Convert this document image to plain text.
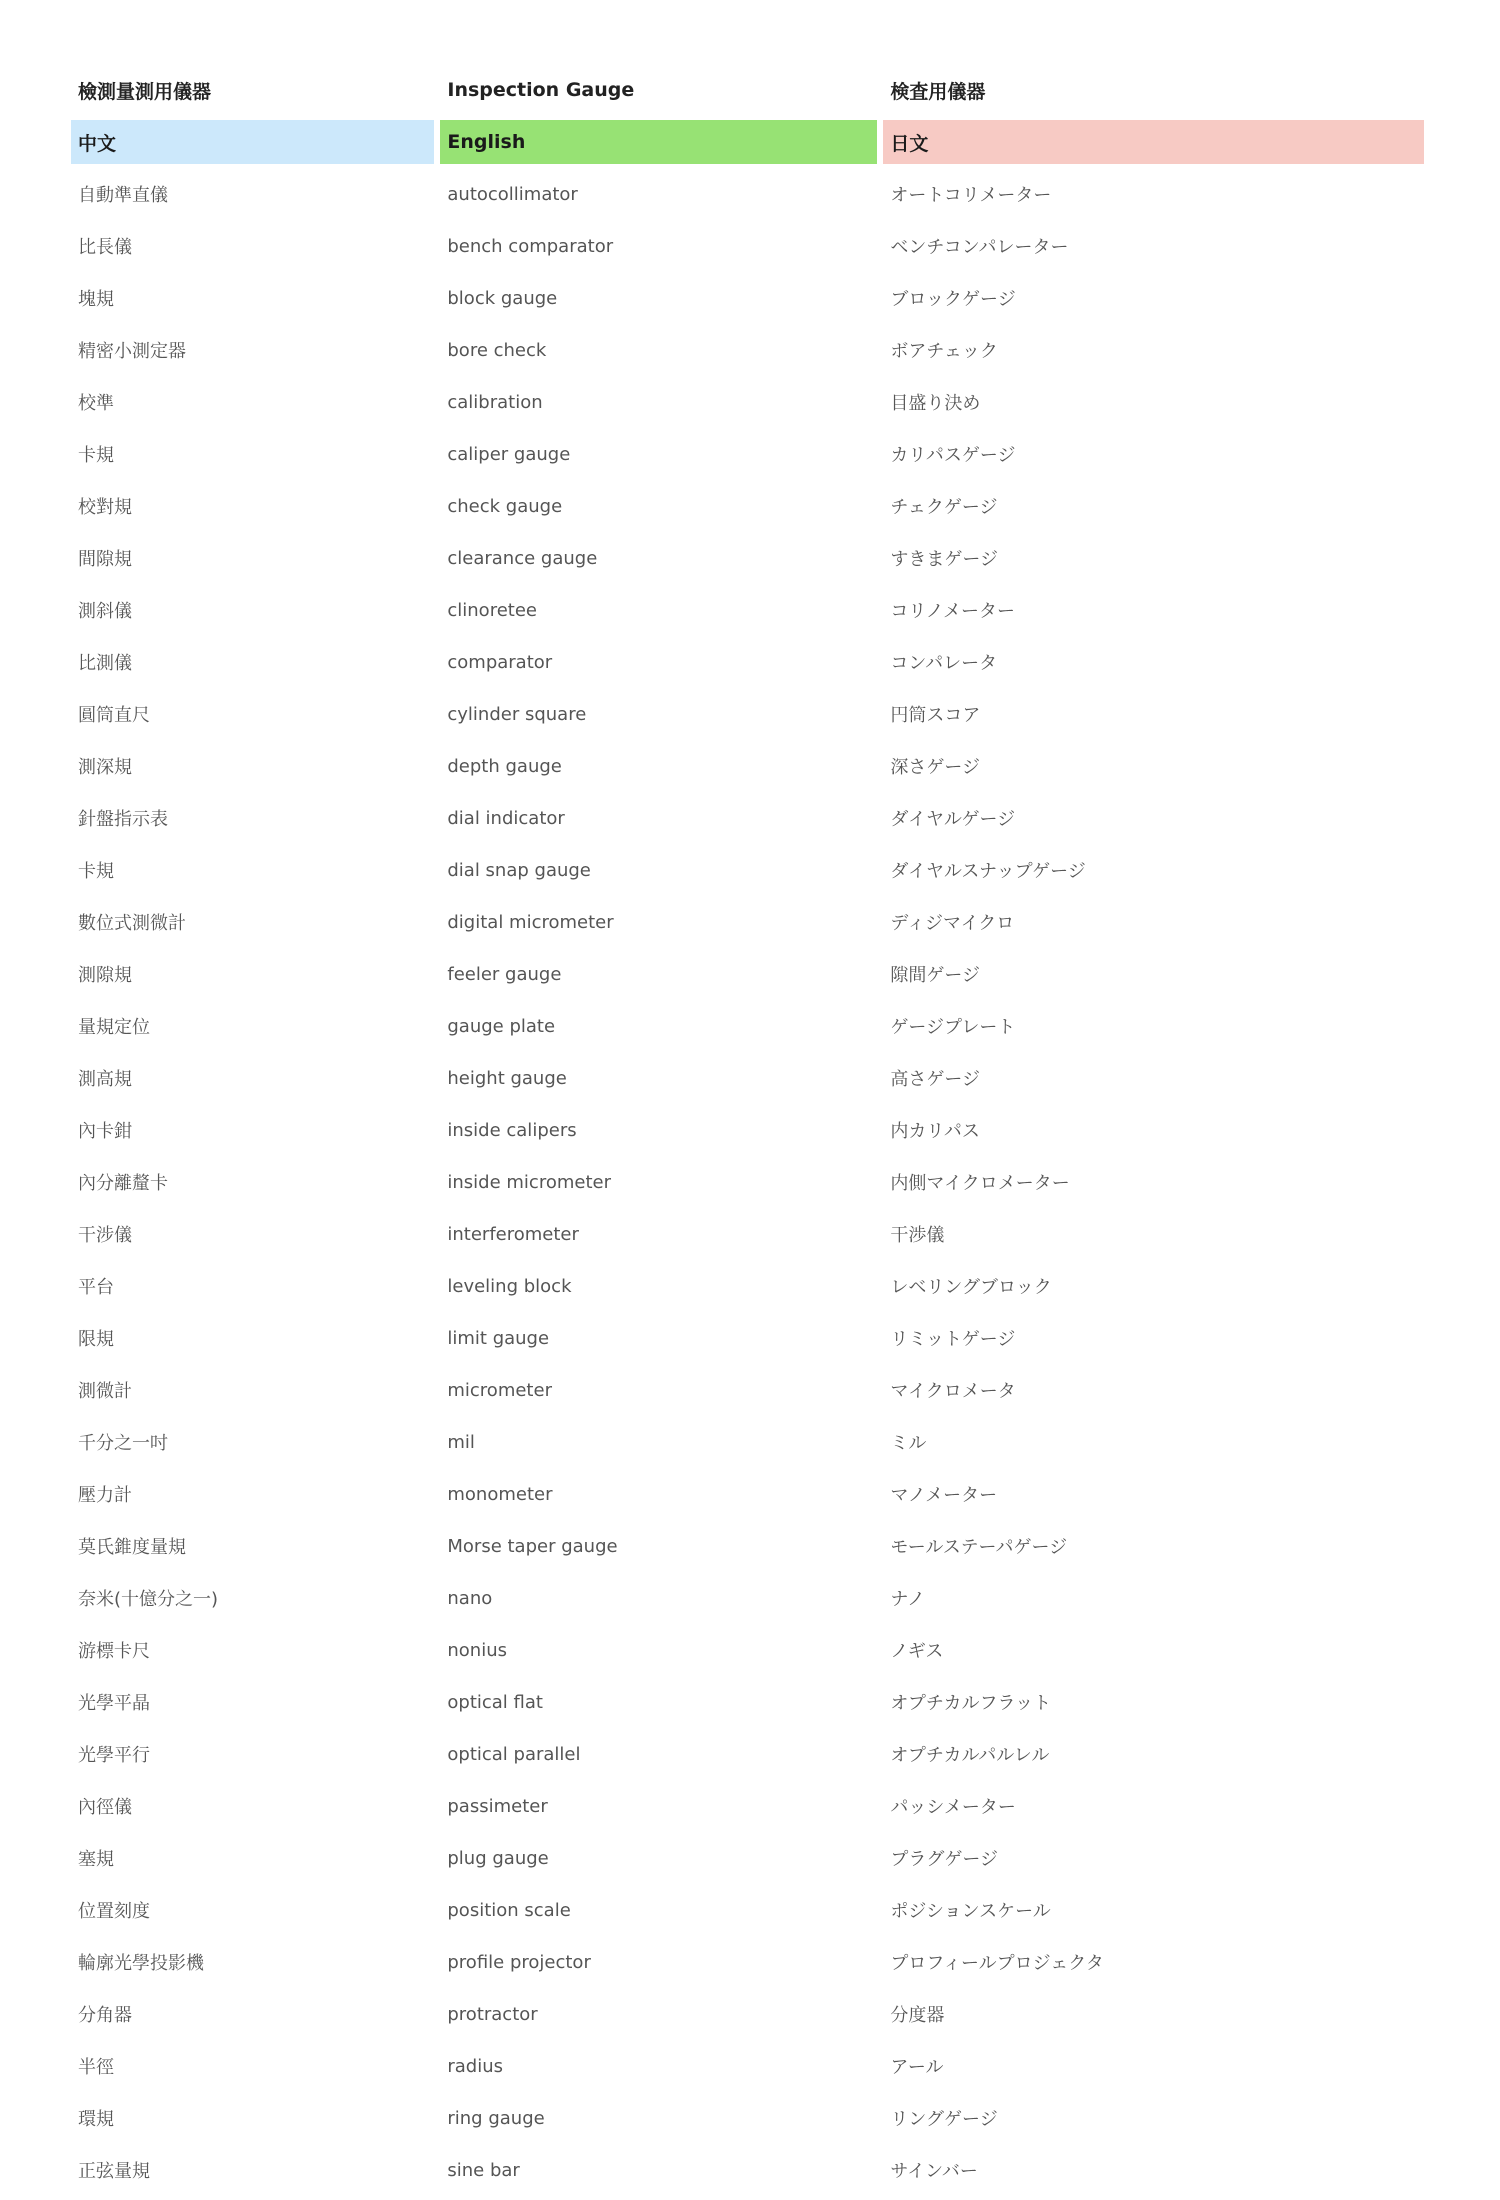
檢測量測用儀器	Inspection Gauge	検査用儀器
中文	English	日文
自動準直儀	autocollimator	オートコリメーター
比長儀	bench comparator	ベンチコンパレーター
塊規	block gauge	ブロックゲージ
精密小測定器	bore check	ボアチェック
校準	calibration	目盛り決め
卡規	caliper gauge	カリパスゲージ
校對規	check gauge	チェクゲージ
間隙規	clearance gauge	すきまゲージ
測斜儀	clinoretee	コリノメーター
比測儀	comparator	コンパレータ
圓筒直尺	cylinder square	円筒スコア
測深規	depth gauge	深さゲージ
針盤指示表	dial indicator	ダイヤルゲージ
卡規	dial snap gauge	ダイヤルスナップゲージ
數位式測微計	digital micrometer	ディジマイクロ
測隙規	feeler gauge	隙間ゲージ
量規定位	gauge plate	ゲージプレート
測高規	height gauge	高さゲージ
內卡鉗	inside calipers	内カリパス
內分離釐卡	inside micrometer	内側マイクロメーター
干涉儀	interferometer	干渉儀
平台	leveling block	レベリングブロック
限規	limit gauge	リミットゲージ
測微計	micrometer	マイクロメータ
千分之一吋	mil	ミル
壓力計	monometer	マノメーター
莫氏錐度量規	Morse taper gauge	モールステーパゲージ
奈米(十億分之一)	nano	ナノ
游標卡尺	nonius	ノギス
光學平晶	optical flat	オプチカルフラット
光學平行	optical parallel	オプチカルパルレル
內徑儀	passimeter	パッシメーター
塞規	plug gauge	プラグゲージ
位置刻度	position scale	ポジションスケール
輪廓光學投影機	profile projector	プロフィールプロジェクタ
分角器	protractor	分度器
半徑	radius	アール
環規	ring gauge	リングゲージ
正弦量規	sine bar	サインバー
